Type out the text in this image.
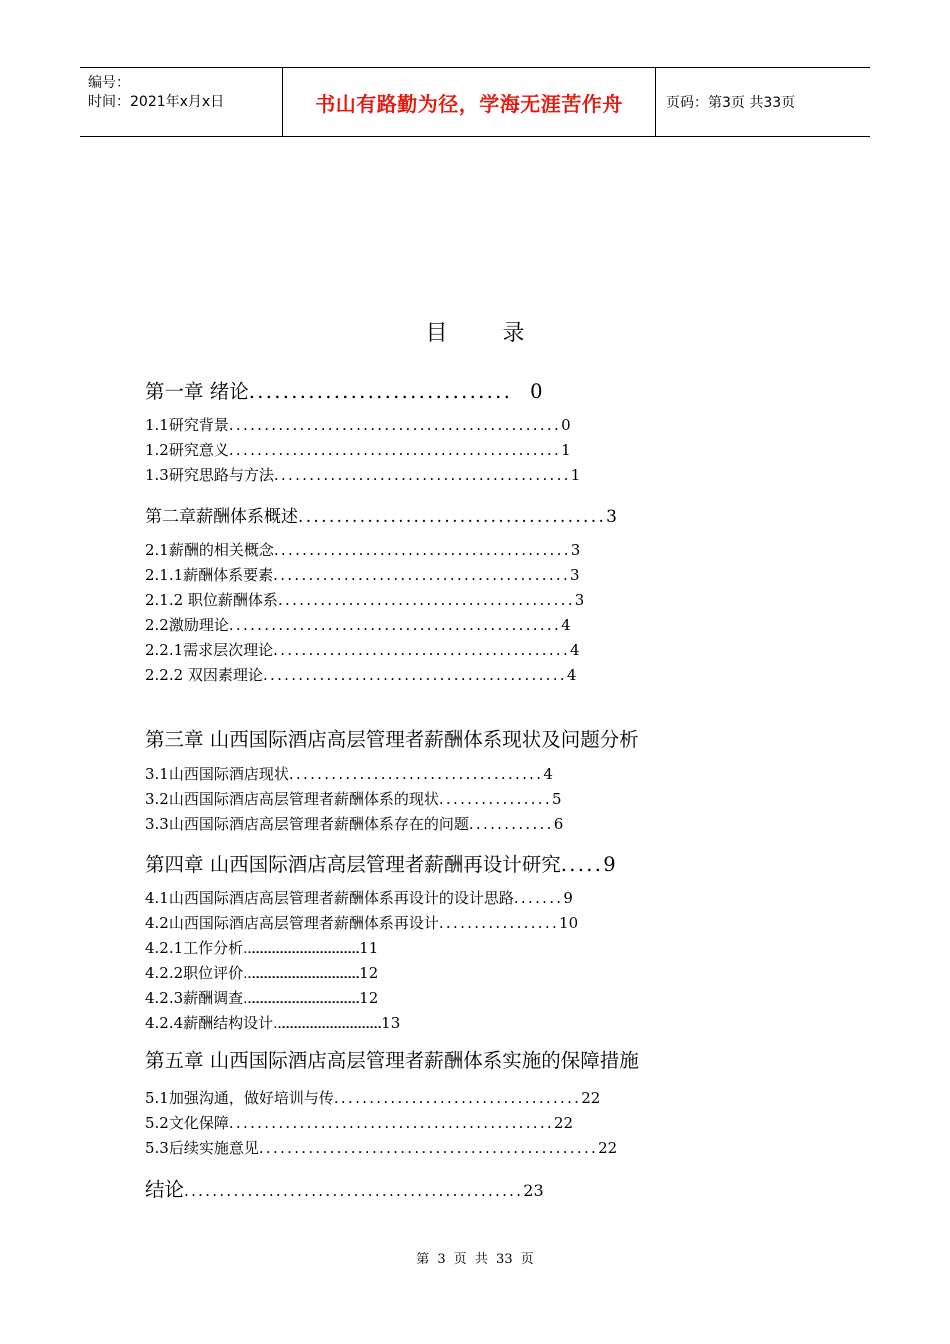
编号：
时间：2021年x月x日	书山有路勤为径，学海无涯苦作舟	页码：第3页 共33页
目 录
第一章 绪论 ............................... 0
1.1研究背景 ............................................... 0
1.2研究意义 ............................................... 1
1.3研究思路与方法 .......................................... 1
第二章薪酬体系概述 ........................................ 3
2.1薪酬的相关概念 .......................................... 3
2.1.1薪酬体系要素 .......................................... 3
2.1.2 职位薪酬体系 .......................................... 3
2.2激励理论 ............................................... 4
2.2.1需求层次理论 .......................................... 4
2.2.2 双因素理论 ........................................... 4
第三章 山西国际酒店高层管理者薪酬体系现状及问题分析
3.1山西国际酒店现状 .................................... 4
3.2山西国际酒店高层管理者薪酬体系的现状 ................ 5
3.3山西国际酒店高层管理者薪酬体系存在的问题 ............ 6
第四章 山西国际酒店高层管理者薪酬再设计研究 ..... 9
4.1山西国际酒店高层管理者薪酬体系再设计的设计思路 ....... 9
4.2山西国际酒店高层管理者薪酬体系再设计 ................. 10
4.2.1工作分析 …………………………………………………………………………… 11
4.2.2职位评价 …………………………………………………………………………… 12
4.2.3薪酬调查 …………………………………………………………………………… 12
4.2.4薪酬结构设计 ……………………………………………………………………… 13
第五章 山西国际酒店高层管理者薪酬体系实施的保障措施
5.1加强沟通，做好培训与传 ................................... 22
5.2文化保障 .............................................. 22
5.3后续实施意见 ................................................ 22
结论 ................................................ 23
第 3 页 共 33 页
